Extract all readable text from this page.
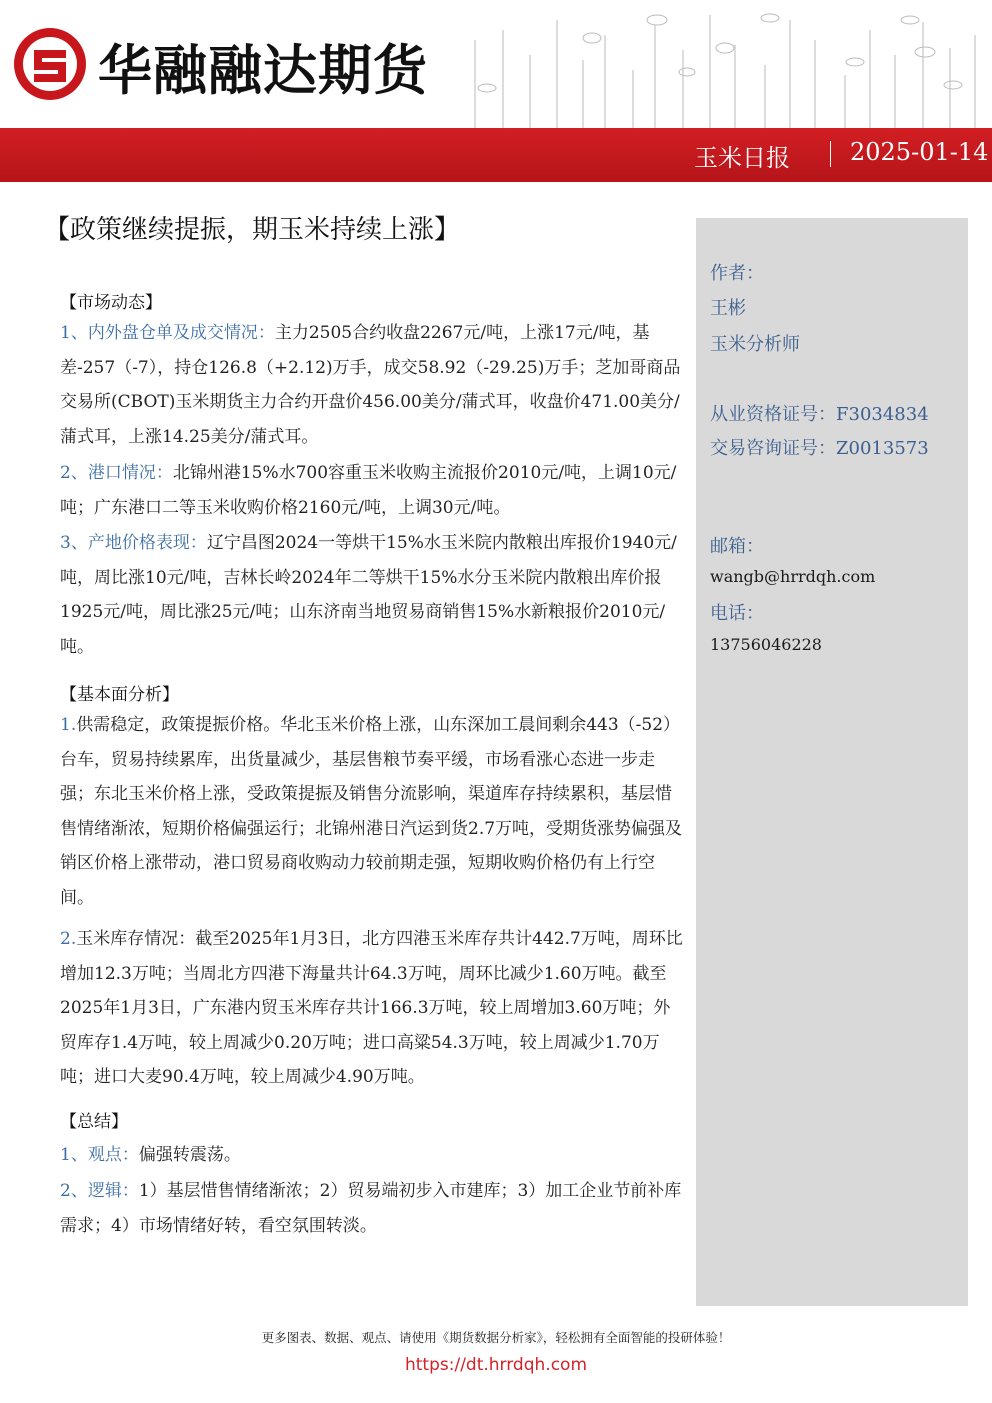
华融融达期货
玉米日报	2025-01-14
【政策继续提振，期玉米持续上涨】
【市场动态】

1、内外盘仓单及成交情况：主力2505合约收盘2267元/吨，上涨17元/吨，基差-257（-7），持仓126.8（+2.12)万手，成交58.92（-29.25)万手；芝加哥商品交易所(CBOT)玉米期货主力合约开盘价456.00美分/蒲式耳，收盘价471.00美分/蒲式耳，上涨14.25美分/蒲式耳。

2、港口情况：北锦州港15%水700容重玉米收购主流报价2010元/吨，上调10元/吨；广东港口二等玉米收购价格2160元/吨，上调30元/吨。

3、产地价格表现：辽宁昌图2024一等烘干15%水玉米院内散粮出库报价1940元/吨，周比涨10元/吨，吉林长岭2024年二等烘干15%水分玉米院内散粮出库价报1925元/吨，周比涨25元/吨；山东济南当地贸易商销售15%水新粮报价2010元/吨。

【基本面分析】

1.供需稳定，政策提振价格。华北玉米价格上涨，山东深加工晨间剩余443（-52）台车，贸易持续累库，出货量减少，基层售粮节奏平缓，市场看涨心态进一步走强；东北玉米价格上涨，受政策提振及销售分流影响，渠道库存持续累积，基层惜售情绪渐浓，短期价格偏强运行；北锦州港日汽运到货2.7万吨，受期货涨势偏强及销区价格上涨带动，港口贸易商收购动力较前期走强，短期收购价格仍有上行空间。

2.玉米库存情况：截至2025年1月3日，北方四港玉米库存共计442.7万吨，周环比增加12.3万吨；当周北方四港下海量共计64.3万吨，周环比减少1.60万吨。截至2025年1月3日，广东港内贸玉米库存共计166.3万吨，较上周增加3.60万吨；外贸库存1.4万吨，较上周减少0.20万吨；进口高粱54.3万吨，较上周减少1.70万吨；进口大麦90.4万吨，较上周减少4.90万吨。

【总结】

1、观点：偏强转震荡。

2、逻辑：1）基层惜售情绪渐浓；2）贸易端初步入市建库；3）加工企业节前补库需求；4）市场情绪好转，看空氛围转淡。

作者：
王彬
玉米分析师
从业资格证号：F3034834
交易咨询证号：Z0013573
邮箱：
wangb@hrrdqh.com
电话：
13756046228
更多图表、数据、观点、请使用《期货数据分析家》，轻松拥有全面智能的投研体验！
https://dt.hrrdqh.com
